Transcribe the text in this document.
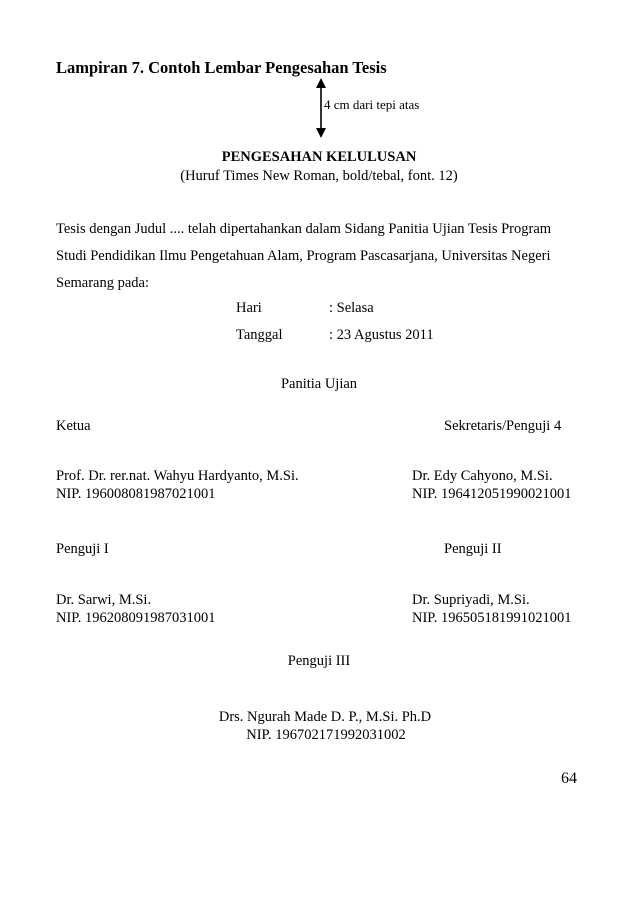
Lampiran 7. Contoh Lembar Pengesahan Tesis
4 cm dari tepi atas
PENGESAHAN KELULUSAN
(Huruf Times New Roman, bold/tebal, font. 12)
Tesis dengan Judul .... telah dipertahankan dalam Sidang Panitia Ujian Tesis Program
Studi Pendidikan Ilmu Pengetahuan Alam, Program Pascasarjana, Universitas Negeri
Semarang pada:
Hari	: Selasa
Tanggal	: 23 Agustus 2011
Panitia Ujian
Ketua	Sekretaris/Penguji 4
Prof. Dr. rer.nat. Wahyu Hardyanto, M.Si.
NIP. 196008081987021001
Dr. Edy Cahyono, M.Si.
NIP. 196412051990021001
Penguji I	Penguji II
Dr. Sarwi, M.Si.
NIP. 196208091987031001
Dr. Supriyadi, M.Si.
NIP. 196505181991021001
Penguji III
Drs. Ngurah Made D. P., M.Si. Ph.D
NIP. 196702171992031002
64
